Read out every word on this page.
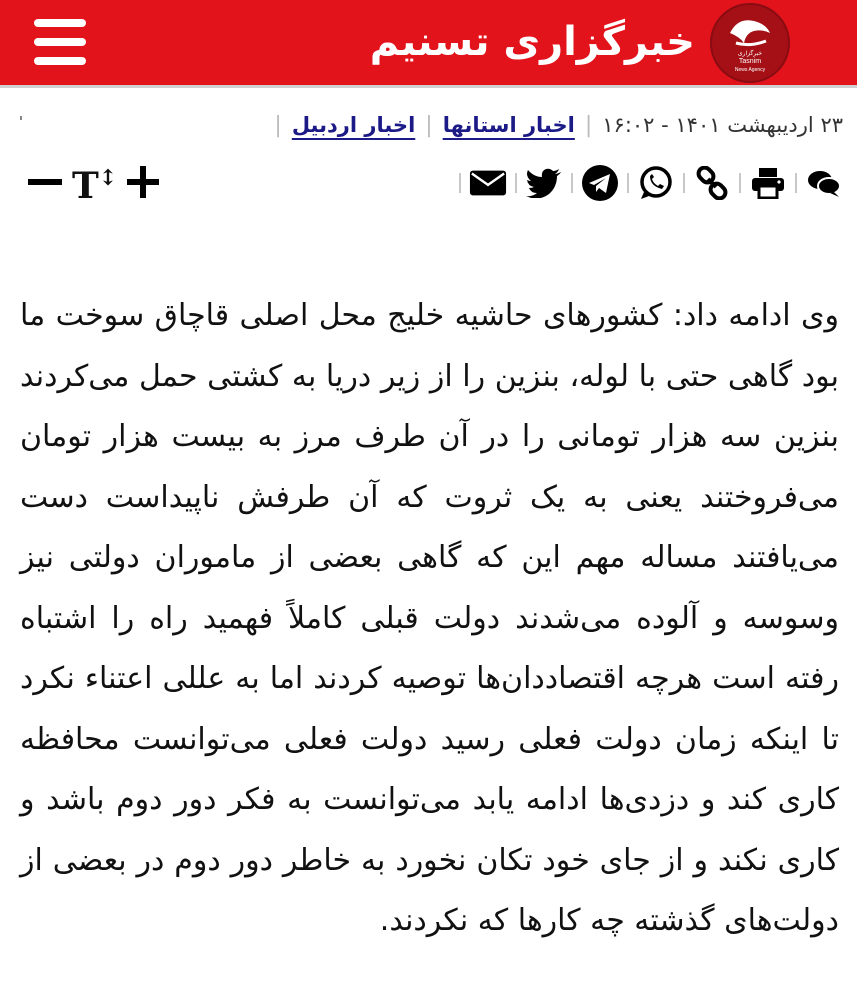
خبرگزاری تسنیم	خبرگزاری
Tasnim
News Agency
۲۳ اردیبهشت ۱۴۰۱ - ۱۶:۰۲
|
اخبار استانها
|
اخبار اردبیل
|
T↕
وی ادامه داد: کشورهای حاشیه خلیج محل اصلی قاچاق سوخت ما بود گاهی حتی با لوله، بنزین را از زیر دریا به کشتی حمل می‌کردند بنزین سه هزار تومانی را در آن طرف مرز به بیست هزار تومان می‌فروختند یعنی به یک ثروت که آن طرفش ناپیداست دست می‌یافتند مساله مهم این که گاهی بعضی از ماموران دولتی نیز وسوسه و آلوده می‌شدند دولت قبلی کاملاً فهمید راه را اشتباه رفته است هرچه اقتصاددان‌ها توصیه کردند اما به عللی اعتناء نکرد تا اینکه زمان دولت فعلی رسید دولت فعلی می‌توانست محافظه کاری کند و دزدی‌ها ادامه یابد می‌توانست به فکر دور دوم باشد و کاری نکند و از جای خود تکان نخورد به خاطر دور دوم در بعضی از دولت‌های گذشته چه کارها که نکردند.
